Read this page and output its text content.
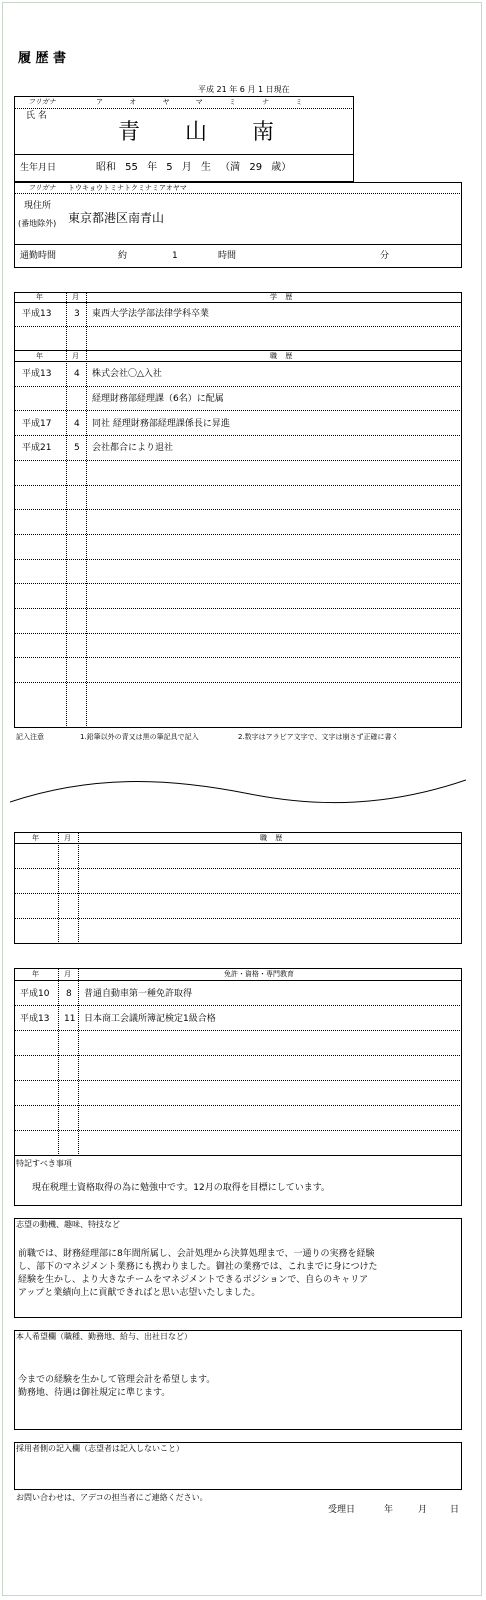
履 歴 書
平成 21 年 6 月 1 日現在
フリガナ	ア オ ヤ マ ミ ナ ミ
氏 名
青 山 南
生年月日	昭和 55 年 5 月 生 （満 29 歳）
フリガナ トウキョウトミナトクミナミアオヤマ
現住所
(番地除外) 東京都港区南青山
通勤時間	約	1	時間	分
年	月	学 歴
平成13	3 東西大学法学部法律学科卒業
年	月	職 歴
平成13	4 株式会社〇△入社
経理財務部経理課（6名）に配属
平成17	4 同社 経理財務部経理課係長に昇進
平成21	5 会社都合により退社
記入注意	1.鉛筆以外の青又は黒の筆記具で記入	2.数字はアラビア文字で、文字は崩さず正確に書く
年	月	職 歴
年	月	免許・資格・専門教育
平成10 8 普通自動車第一種免許取得
平成13 11 日本商工会議所簿記検定1級合格
特記すべき事項
現在税理士資格取得の為に勉強中です。12月の取得を目標にしています。
志望の動機、趣味、特技など
前職では、財務経理部に8年間所属し、会計処理から決算処理まで、一通りの実務を経験
し、部下のマネジメント業務にも携わりました。御社の業務では、これまでに身につけた
経験を生かし、より大きなチームをマネジメントできるポジションで、自らのキャリア
アップと業績向上に貢献できればと思い志望いたしました。
本人希望欄（職種、勤務地、給与、出社日など）
今までの経験を生かして管理会計を希望します。
勤務地、待遇は御社規定に準じます。
採用者側の記入欄（志望者は記入しないこと）
お問い合わせは、アデコの担当者にご連絡ください。
受理日	年	月	日
